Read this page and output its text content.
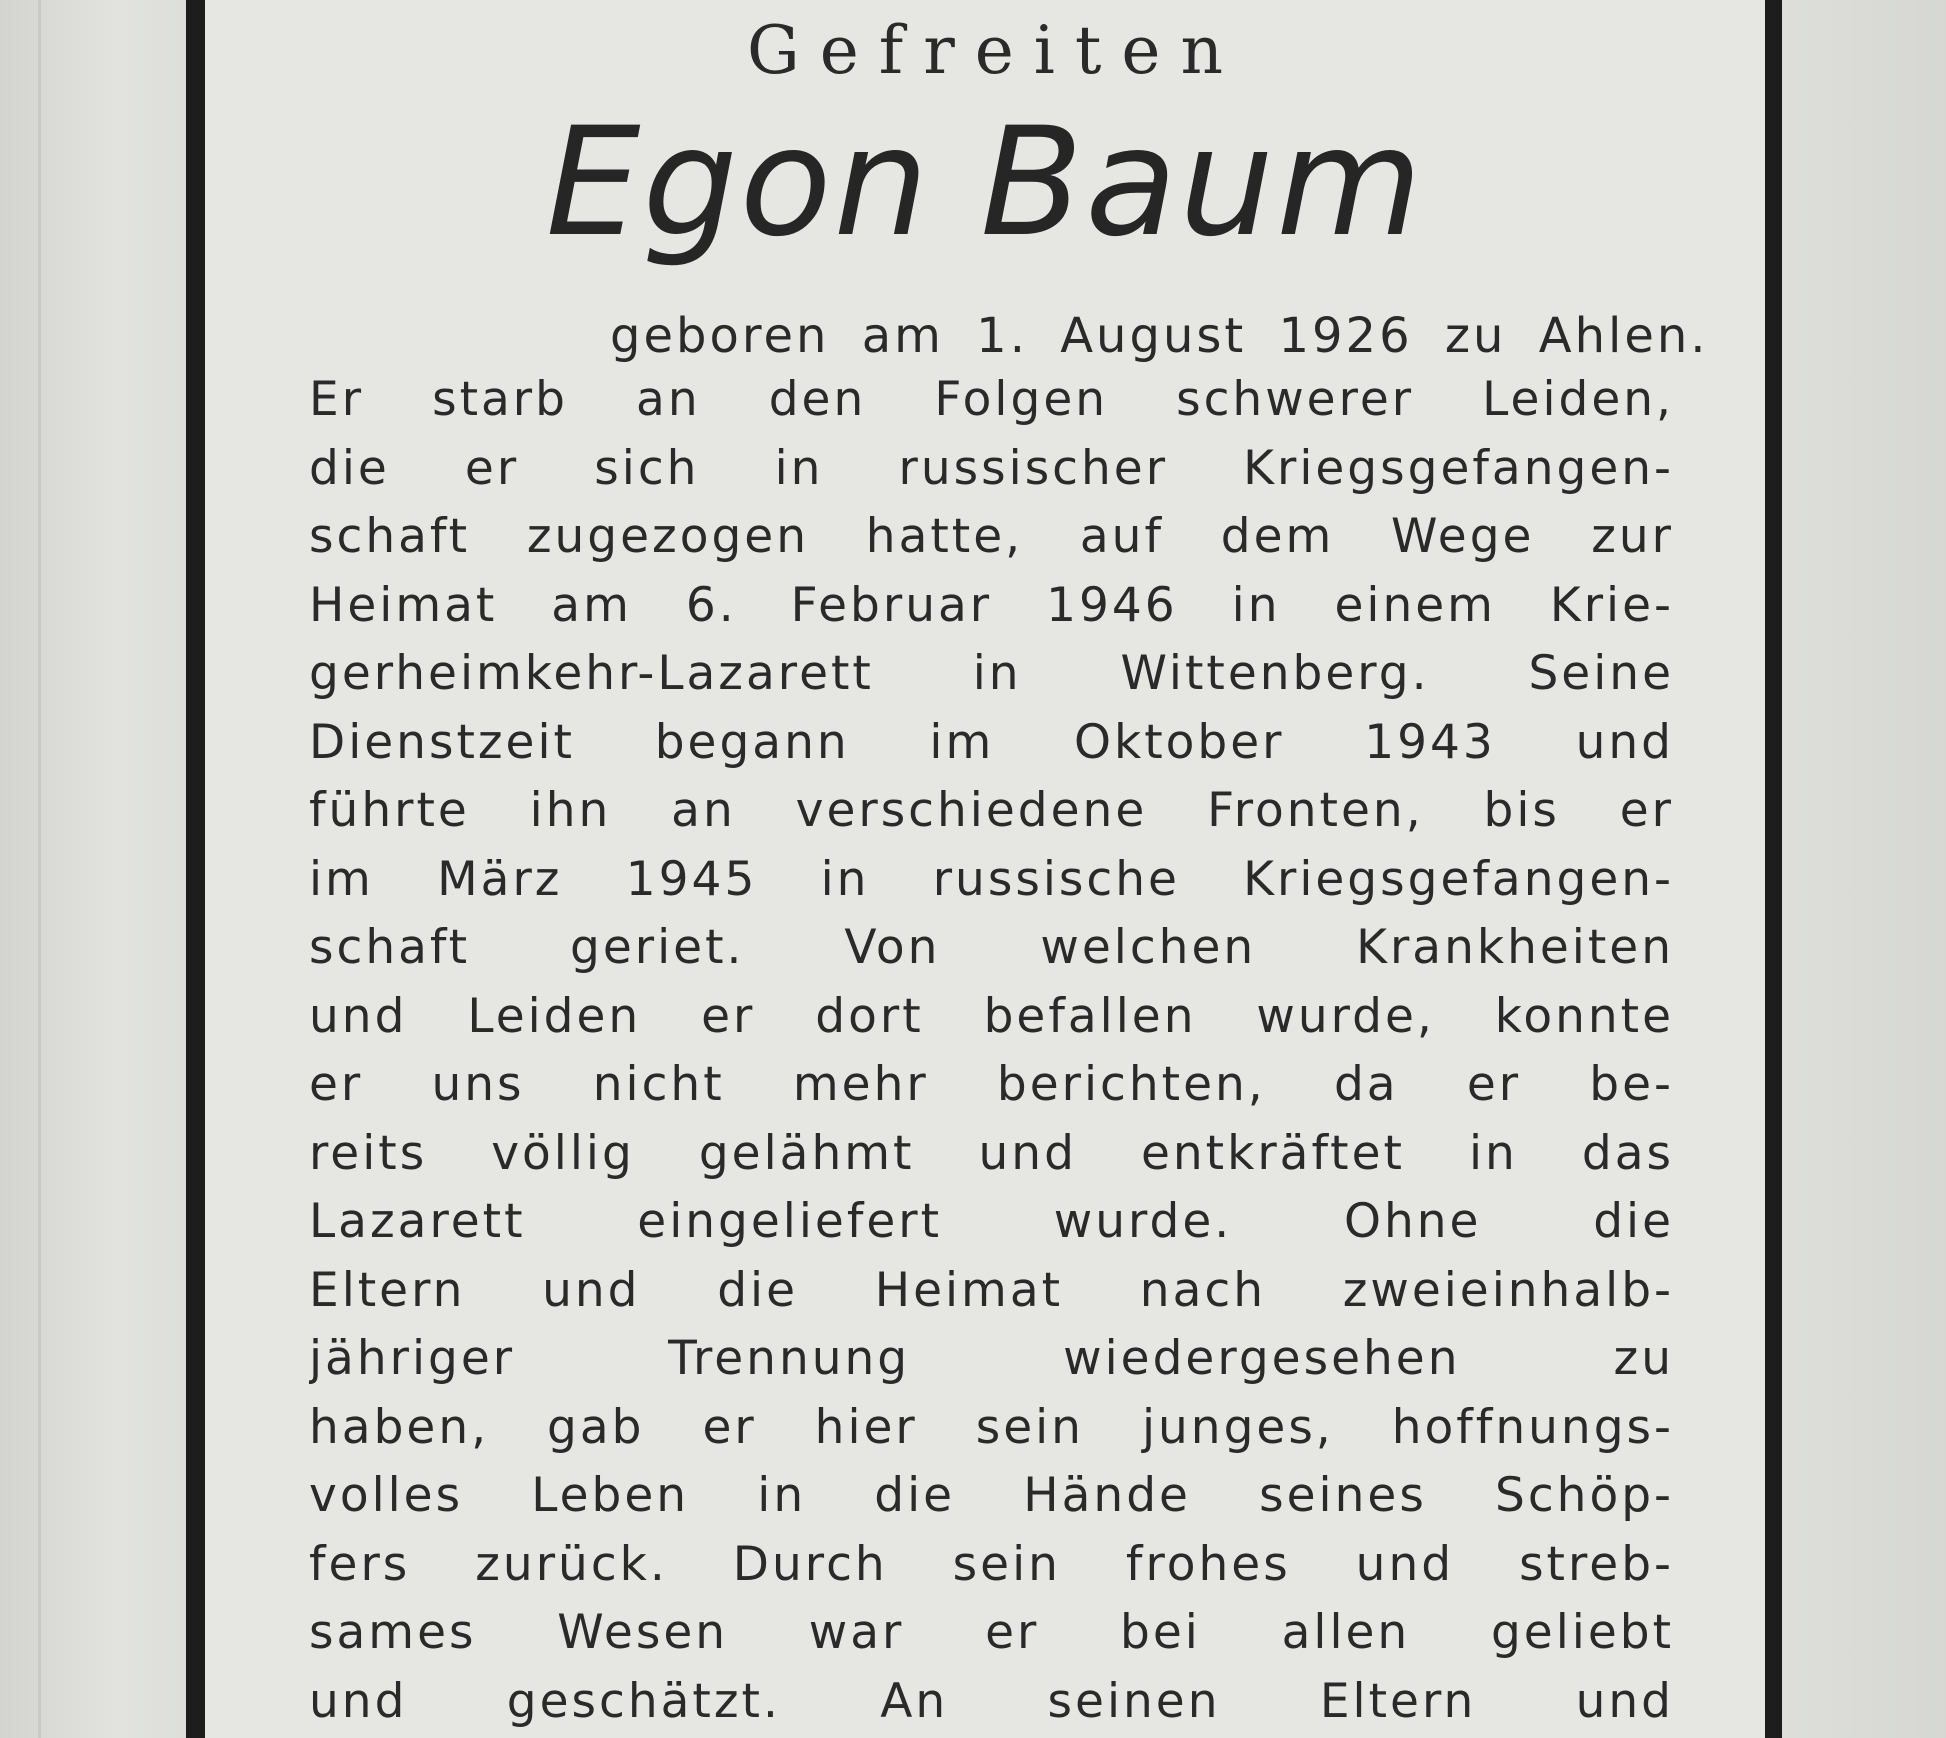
Gefreiten
Egon Baum
geboren am 1. August 1926 zu Ahlen.
Er starb an den Folgen schwerer Leiden,
die er sich in russischer Kriegsgefangen-
schaft zugezogen hatte, auf dem Wege zur
Heimat am 6. Februar 1946 in einem Krie-
gerheimkehr-Lazarett in Wittenberg. Seine
Dienstzeit begann im Oktober 1943 und
führte ihn an verschiedene Fronten, bis er
im März 1945 in russische Kriegsgefangen-
schaft geriet. Von welchen Krankheiten
und Leiden er dort befallen wurde, konnte
er uns nicht mehr berichten, da er be-
reits völlig gelähmt und entkräftet in das
Lazarett eingeliefert wurde. Ohne die
Eltern und die Heimat nach zweieinhalb-
jähriger Trennung wiedergesehen zu
haben, gab er hier sein junges, hoffnungs-
volles Leben in die Hände seines Schöp-
fers zurück. Durch sein frohes und streb-
sames Wesen war er bei allen geliebt
und geschätzt. An seinen Eltern und
